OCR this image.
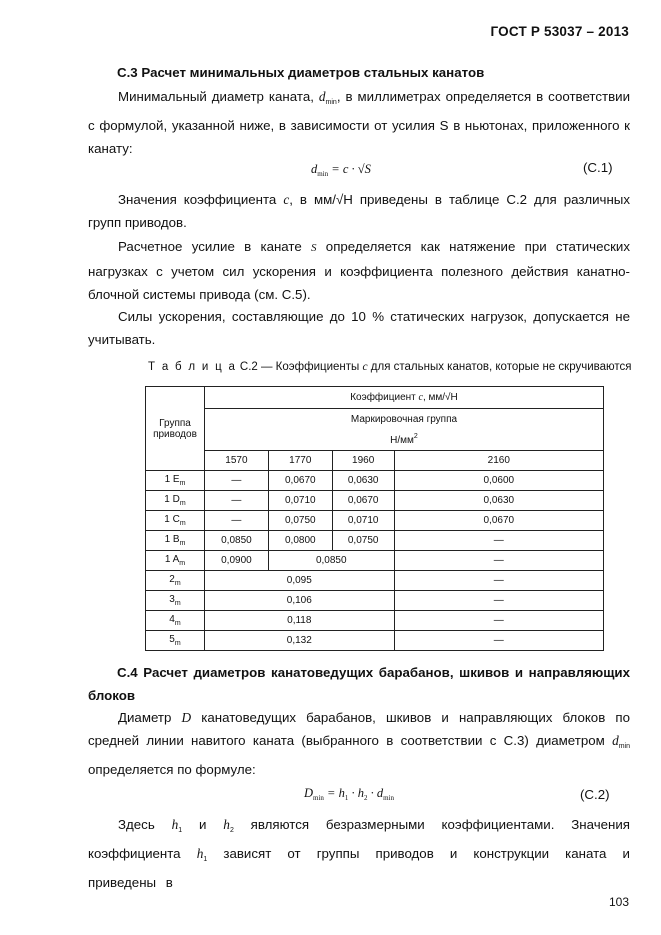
ГОСТ Р 53037 – 2013
С.3 Расчет минимальных диаметров стальных канатов
Минимальный диаметр каната, $d_{min}$, в миллиметрах определяется в соответствии с формулой, указанной ниже, в зависимости от усилия S в ньютонах, приложенного к канату:
$d_{min} = c \cdot √S$	(С.1)
Значения коэффициента c, в мм/√Н приведены в таблице С.2 для различных групп приводов.
Расчетное усилие в канате S определяется как натяжение при статических нагрузках с учетом сил ускорения и коэффициента полезного действия канатно-блочной системы привода (см. С.5).
Силы ускорения, составляющие до 10 % статических нагрузок, допускается не учитывать.
Т а б л и ц а С.2 — Коэффициенты c для стальных канатов, которые не скручиваются
Группа приводов	Коэффициент c, мм/√Н			

	Маркировочная группа
$Н/мм^2$

	1570	1770	1960	2160
1 $E_m$	—	0,0670	0,0630	0,0600
1 $D_m$	—	0,0710	0,0670	0,0630
1 $C_m$	—	0,0750	0,0710	0,0670
1 $B_m$	0,0850	0,0800	0,0750	—
1 $A_m$	0,0900	0,0850		—
$2_m$	0,095			—
$3_m$	0,106			—
$4_m$	0,118			—
$5_m$	0,132			—
С.4 Расчет диаметров канатоведущих барабанов, шкивов и направляющих блоков
Диаметр D канатоведущих барабанов, шкивов и направляющих блоков по средней линии навитого каната (выбранного в соответствии с С.3) диаметром $d_{min}$ определяется по формуле:
$D_{min} = h_1 \cdot h_2 \cdot d_{min}$	(С.2)
Здесь $h_1$ и $h_2$ являются безразмерными коэффициентами. Значения коэффициента $h_1$ зависят от группы приводов и конструкции каната и приведены в
103
